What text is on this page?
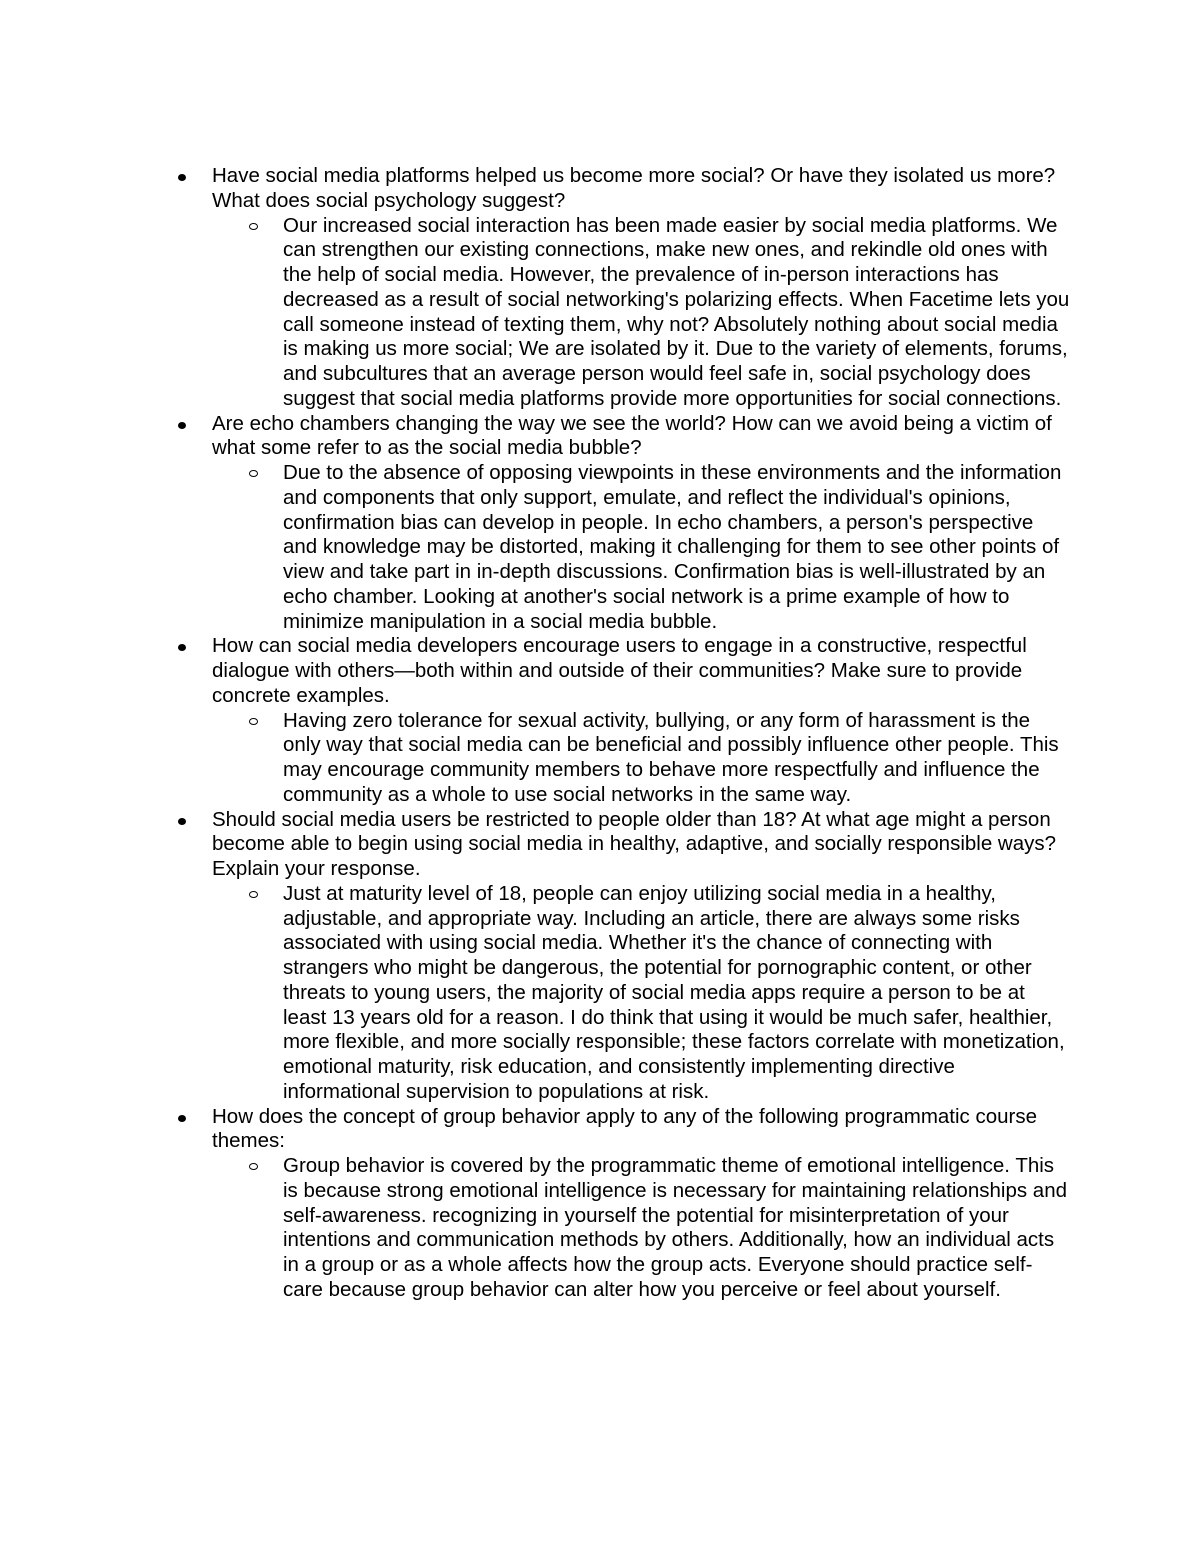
Have social media platforms helped us become more social? Or have they isolated us more? What does social psychology suggest?
Our increased social interaction has been made easier by social media platforms. We can strengthen our existing connections, make new ones, and rekindle old ones with the help of social media. However, the prevalence of in-person interactions has decreased as a result of social networking's polarizing effects. When Facetime lets you call someone instead of texting them, why not? Absolutely nothing about social media is making us more social; We are isolated by it. Due to the variety of elements, forums, and subcultures that an average person would feel safe in, social psychology does suggest that social media platforms provide more opportunities for social connections.
Are echo chambers changing the way we see the world? How can we avoid being a victim of what some refer to as the social media bubble?
Due to the absence of opposing viewpoints in these environments and the information and components that only support, emulate, and reflect the individual's opinions, confirmation bias can develop in people. In echo chambers, a person's perspective and knowledge may be distorted, making it challenging for them to see other points of view and take part in in-depth discussions. Confirmation bias is well-illustrated by an echo chamber. Looking at another's social network is a prime example of how to minimize manipulation in a social media bubble.
How can social media developers encourage users to engage in a constructive, respectful dialogue with others—both within and outside of their communities? Make sure to provide concrete examples.
Having zero tolerance for sexual activity, bullying, or any form of harassment is the only way that social media can be beneficial and possibly influence other people. This may encourage community members to behave more respectfully and influence the community as a whole to use social networks in the same way.
Should social media users be restricted to people older than 18? At what age might a person become able to begin using social media in healthy, adaptive, and socially responsible ways? Explain your response.
Just at maturity level of 18, people can enjoy utilizing social media in a healthy, adjustable, and appropriate way. Including an article, there are always some risks associated with using social media. Whether it's the chance of connecting with strangers who might be dangerous, the potential for pornographic content, or other threats to young users, the majority of social media apps require a person to be at least 13 years old for a reason. I do think that using it would be much safer, healthier, more flexible, and more socially responsible; these factors correlate with monetization, emotional maturity, risk education, and consistently implementing directive informational supervision to populations at risk.
How does the concept of group behavior apply to any of the following programmatic course themes:
Group behavior is covered by the programmatic theme of emotional intelligence. This is because strong emotional intelligence is necessary for maintaining relationships and self-awareness. recognizing in yourself the potential for misinterpretation of your intentions and communication methods by others. Additionally, how an individual acts in a group or as a whole affects how the group acts. Everyone should practice self-care because group behavior can alter how you perceive or feel about yourself.
